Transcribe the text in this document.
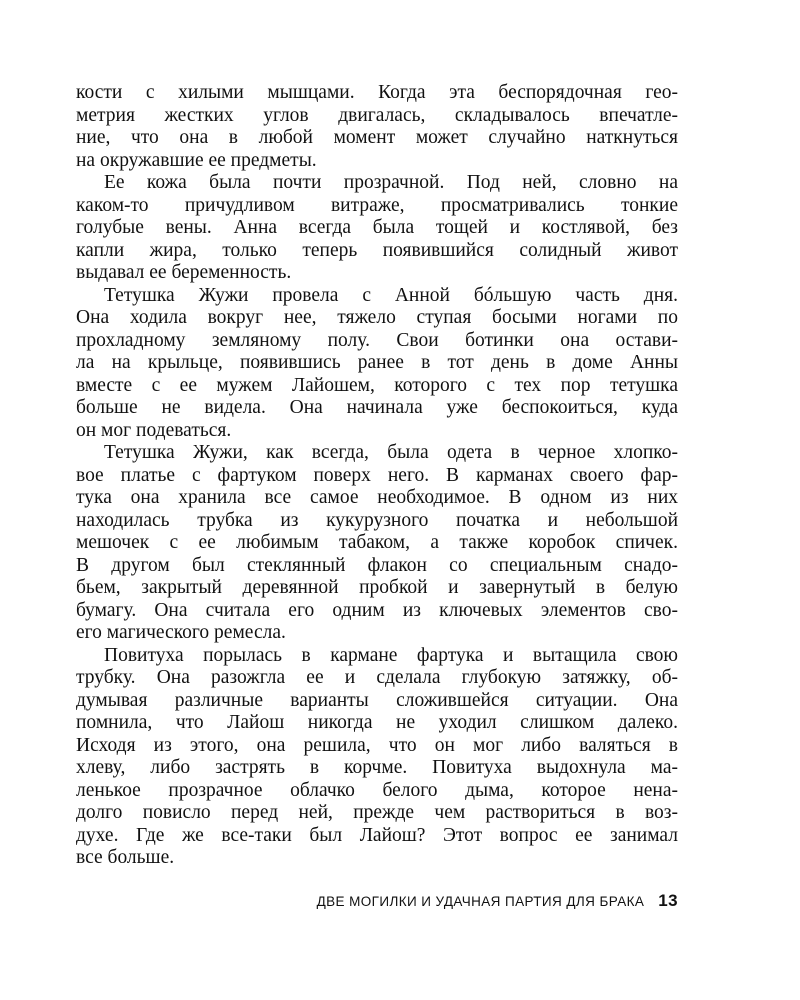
кости с хилыми мышцами. Когда эта беспорядочная гео-
метрия жестких углов двигалась, складывалось впечатле-
ние, что она в любой момент может случайно наткнуться
на окружавшие ее предметы.
Ее кожа была почти прозрачной. Под ней, словно на
каком-то причудливом витраже, просматривались тонкие
голубые вены. Анна всегда была тощей и костлявой, без
капли жира, только теперь появившийся солидный живот
выдавал ее беременность.
Тетушка Жужи провела с Анной бóльшую часть дня.
Она ходила вокруг нее, тяжело ступая босыми ногами по
прохладному земляному полу. Свои ботинки она остави-
ла на крыльце, появившись ранее в тот день в доме Анны
вместе с ее мужем Лайошем, которого с тех пор тетушка
больше не видела. Она начинала уже беспокоиться, куда
он мог подеваться.
Тетушка Жужи, как всегда, была одета в черное хлопко-
вое платье с фартуком поверх него. В карманах своего фар-
тука она хранила все самое необходимое. В одном из них
находилась трубка из кукурузного початка и небольшой
мешочек с ее любимым табаком, а также коробок спичек.
В другом был стеклянный флакон со специальным снадо-
бьем, закрытый деревянной пробкой и завернутый в белую
бумагу. Она считала его одним из ключевых элементов сво-
его магического ремесла.
Повитуха порылась в кармане фартука и вытащила свою
трубку. Она разожгла ее и сделала глубокую затяжку, об-
думывая различные варианты сложившейся ситуации. Она
помнила, что Лайош никогда не уходил слишком далеко.
Исходя из этого, она решила, что он мог либо валяться в
хлеву, либо застрять в корчме. Повитуха выдохнула ма-
ленькое прозрачное облачко белого дыма, которое нена-
долго повисло перед ней, прежде чем раствориться в воз-
духе. Где же все-таки был Лайош? Этот вопрос ее занимал
все больше.
ДВЕ МОГИЛКИ И УДАЧНАЯ ПАРТИЯ ДЛЯ БРАКА 13
